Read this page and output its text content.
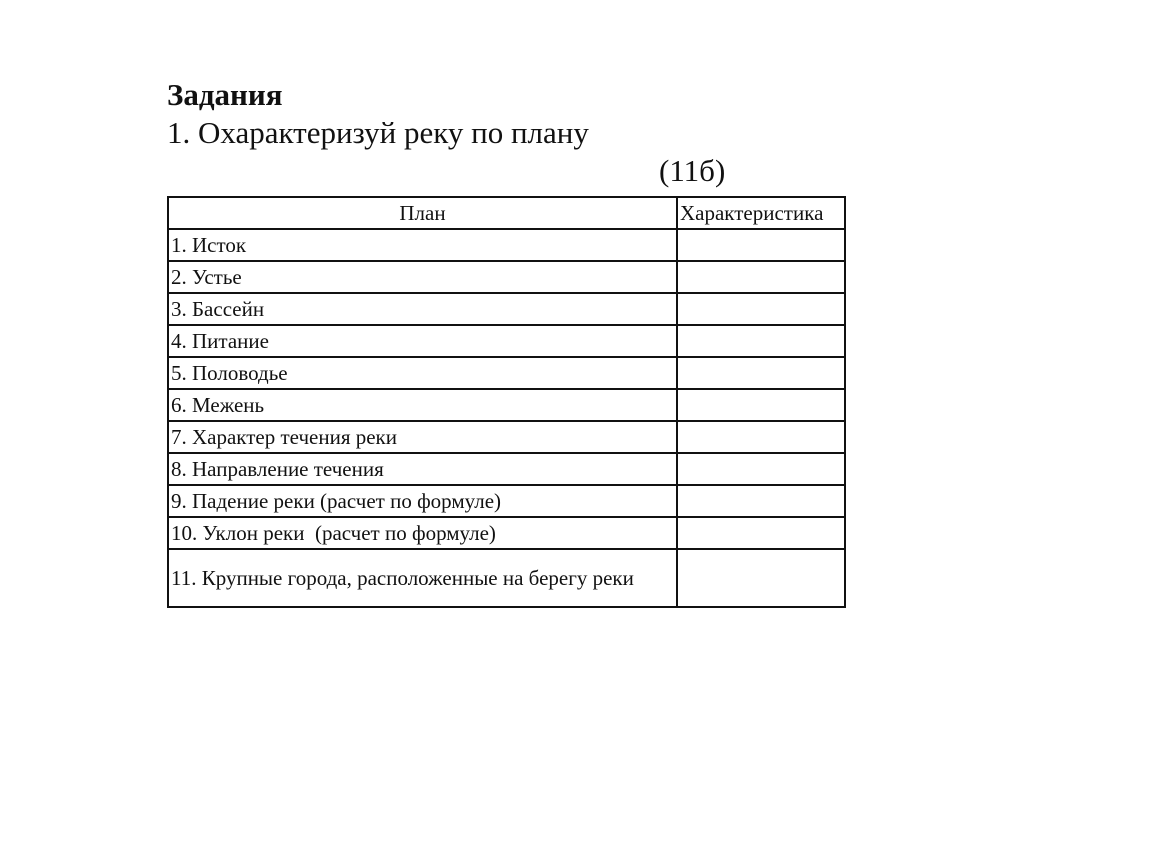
Задания

1. Охарактеризуй реку по плану

(11б)

План	Характеристика
1. Исток	
2. Устье	
3. Бассейн	
4. Питание	
5. Половодье	
6. Межень	
7. Характер течения реки	
8. Направление течения	
9. Падение реки (расчет по формуле)	
10. Уклон реки  (расчет по формуле)	
11. Крупные города, расположенные на берегу реки	
